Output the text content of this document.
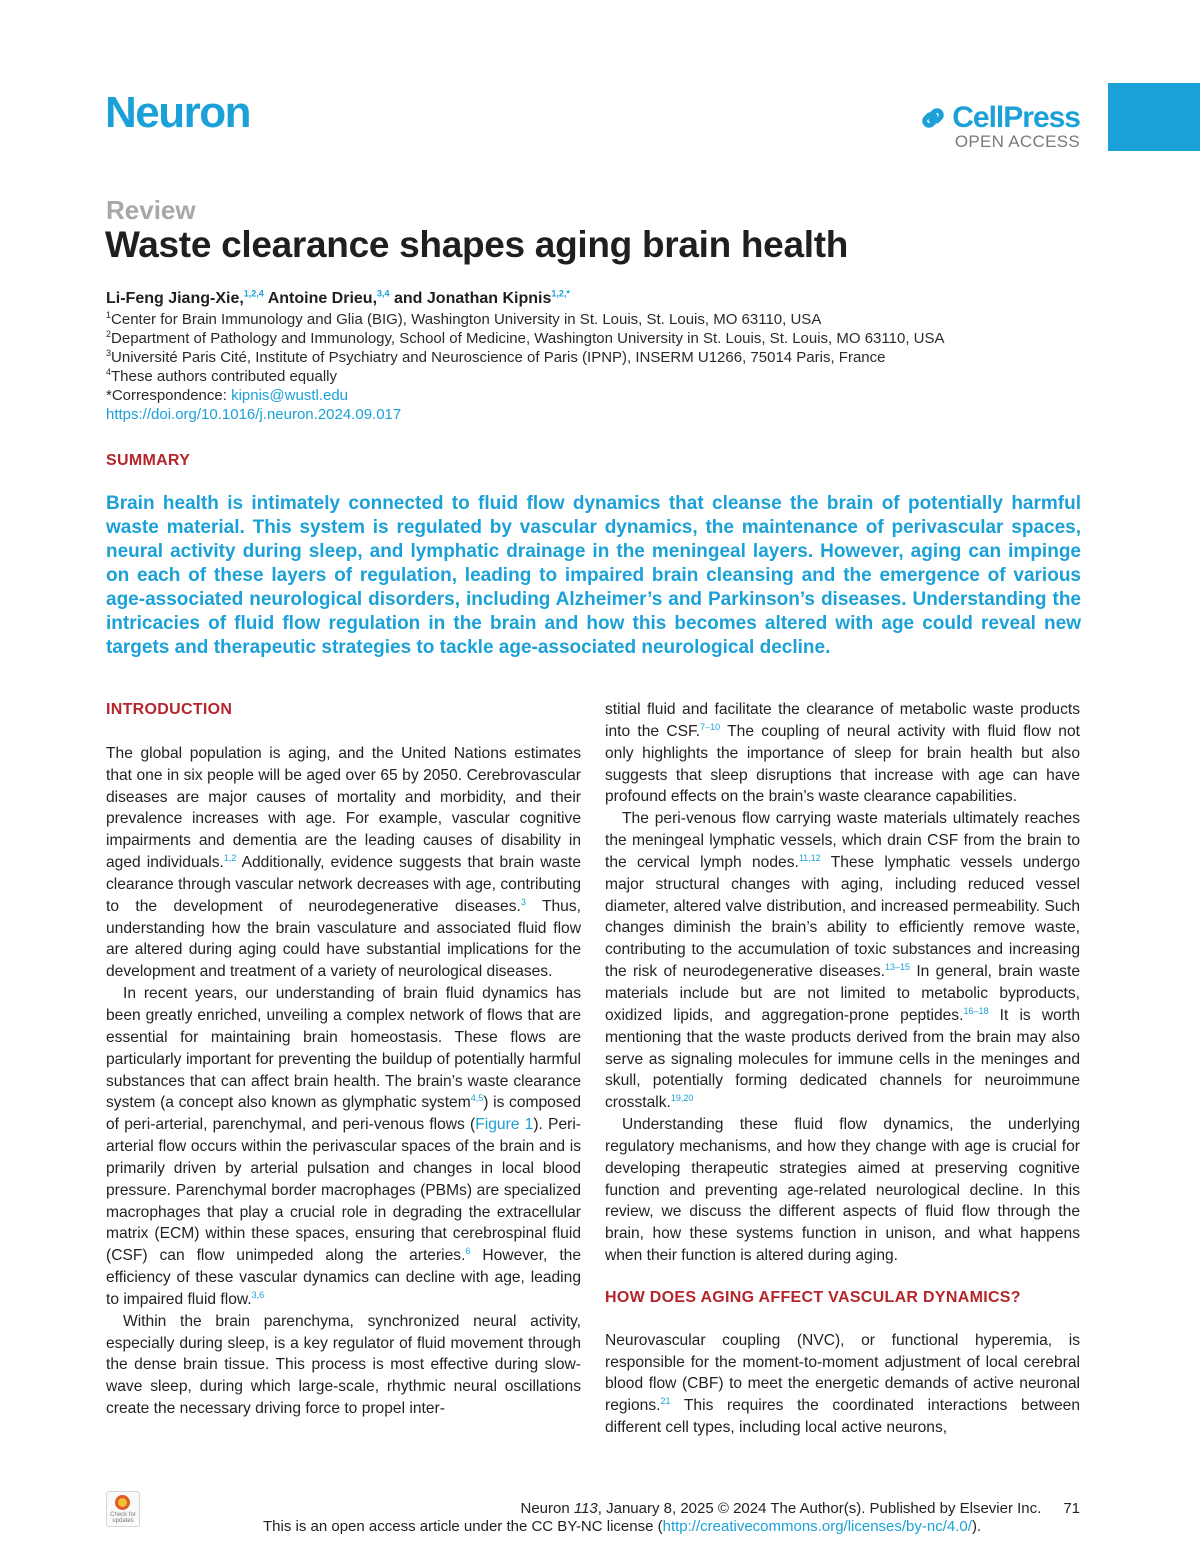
Neuron	CellPress
OPEN ACCESS
Review
Waste clearance shapes aging brain health
Li-Feng Jiang-Xie,$^{1,2,4}$ Antoine Drieu,$^{3,4}$ and Jonathan Kipnis$^{1,2,*}$
$^1$Center for Brain Immunology and Glia (BIG), Washington University in St. Louis, St. Louis, MO 63110, USA
$^2$Department of Pathology and Immunology, School of Medicine, Washington University in St. Louis, St. Louis, MO 63110, USA
$^3$Université Paris Cité, Institute of Psychiatry and Neuroscience of Paris (IPNP), INSERM U1266, 75014 Paris, France
$^4$These authors contributed equally
*Correspondence: kipnis@wustl.edu
https://doi.org/10.1016/j.neuron.2024.09.017
SUMMARY

Brain health is intimately connected to fluid flow dynamics that cleanse the brain of potentially harmful waste material. This system is regulated by vascular dynamics, the maintenance of perivascular spaces, neural activity during sleep, and lymphatic drainage in the meningeal layers. However, aging can impinge on each of these layers of regulation, leading to impaired brain cleansing and the emergence of various age-associated neurological disorders, including Alzheimer’s and Parkinson’s diseases. Understanding the intricacies of fluid flow regulation in the brain and how this becomes altered with age could reveal new targets and therapeutic strategies to tackle age-associated neurological decline.

INTRODUCTION

The global population is aging, and the United Nations estimates that one in six people will be aged over 65 by 2050. Cerebrovascular diseases are major causes of mortality and morbidity, and their prevalence increases with age. For example, vascular cognitive impairments and dementia are the leading causes of disability in aged individuals.$^{1,2}$ Additionally, evidence suggests that brain waste clearance through vascular network decreases with age, contributing to the development of neurodegenerative diseases.$^3$ Thus, understanding how the brain vasculature and associated fluid flow are altered during aging could have substantial implications for the development and treatment of a variety of neurological diseases.

In recent years, our understanding of brain fluid dynamics has been greatly enriched, unveiling a complex network of flows that are essential for maintaining brain homeostasis. These flows are particularly important for preventing the buildup of potentially harmful substances that can affect brain health. The brain’s waste clearance system (a concept also known as glymphatic system$^{4,5}$) is composed of peri-arterial, parenchymal, and peri-venous flows (Figure 1). Peri-arterial flow occurs within the perivascular spaces of the brain and is primarily driven by arterial pulsation and changes in local blood pressure. Parenchymal border macrophages (PBMs) are specialized macrophages that play a crucial role in degrading the extracellular matrix (ECM) within these spaces, ensuring that cerebrospinal fluid (CSF) can flow unimpeded along the arteries.$^6$ However, the efficiency of these vascular dynamics can decline with age, leading to impaired fluid flow.$^{3,6}$

Within the brain parenchyma, synchronized neural activity, especially during sleep, is a key regulator of fluid movement through the dense brain tissue. This process is most effective during slow-wave sleep, during which large-scale, rhythmic neural oscillations create the necessary driving force to propel inter-

stitial fluid and facilitate the clearance of metabolic waste products into the CSF.$^{7-10}$ The coupling of neural activity with fluid flow not only highlights the importance of sleep for brain health but also suggests that sleep disruptions that increase with age can have profound effects on the brain’s waste clearance capabilities.

The peri-venous flow carrying waste materials ultimately reaches the meningeal lymphatic vessels, which drain CSF from the brain to the cervical lymph nodes.$^{11,12}$ These lymphatic vessels undergo major structural changes with aging, including reduced vessel diameter, altered valve distribution, and increased permeability. Such changes diminish the brain’s ability to efficiently remove waste, contributing to the accumulation of toxic substances and increasing the risk of neurodegenerative diseases.$^{13-15}$ In general, brain waste materials include but are not limited to metabolic byproducts, oxidized lipids, and aggregation-prone peptides.$^{16-18}$ It is worth mentioning that the waste products derived from the brain may also serve as signaling molecules for immune cells in the meninges and skull, potentially forming dedicated channels for neuroimmune crosstalk.$^{19,20}$

Understanding these fluid flow dynamics, the underlying regulatory mechanisms, and how they change with age is crucial for developing therapeutic strategies aimed at preserving cognitive function and preventing age-related neurological decline. In this review, we discuss the different aspects of fluid flow through the brain, how these systems function in unison, and what happens when their function is altered during aging.

HOW DOES AGING AFFECT VASCULAR DYNAMICS?

Neurovascular coupling (NVC), or functional hyperemia, is responsible for the moment-to-moment adjustment of local cerebral blood flow (CBF) to meet the energetic demands of active neuronal regions.$^{21}$ This requires the coordinated interactions between different cell types, including local active neurons,

Check for updates
Neuron 113, January 8, 2025 © 2024 The Author(s). Published by Elsevier Inc. 71
This is an open access article under the CC BY-NC license (http://creativecommons.org/licenses/by-nc/4.0/).
